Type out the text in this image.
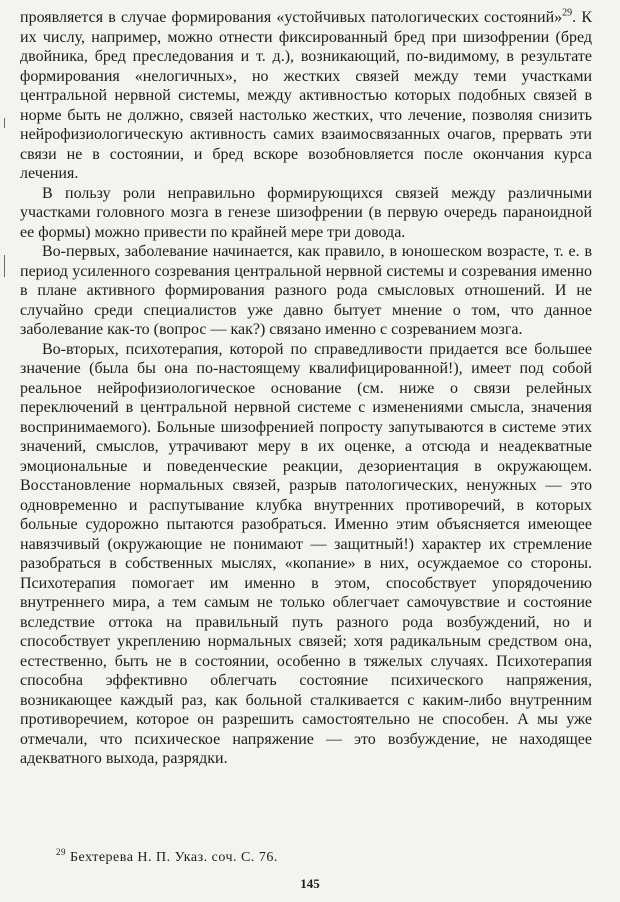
проявляется в случае формирования «устойчивых патологических состояний»$^{29}$. К их числу, например, можно отнести фиксированный бред при шизофрении (бред двойника, бред преследования и т. д.), возникающий, по-видимому, в результате формирования «нелогичных», но жестких связей между теми участками центральной нервной системы, между активностью которых подобных связей в норме быть не должно, связей настолько жестких, что лечение, позволяя снизить нейрофизиологическую активность самих взаимосвязанных очагов, прервать эти связи не в состоянии, и бред вскоре возобновляется после окончания курса лечения.

В пользу роли неправильно формирующихся связей между различными участками головного мозга в генезе шизофрении (в первую очередь параноидной ее формы) можно привести по крайней мере три довода.

Во-первых, заболевание начинается, как правило, в юношеском возрасте, т. е. в период усиленного созревания центральной нервной системы и созревания именно в плане активного формирования разного рода смысловых отношений. И не случайно среди специалистов уже давно бытует мнение о том, что данное заболевание как-то (вопрос — как?) связано именно с созреванием мозга.

Во-вторых, психотерапия, которой по справедливости придается все большее значение (была бы она по-настоящему квалифицированной!), имеет под собой реальное нейрофизиологическое основание (см. ниже о связи релейных переключений в центральной нервной системе с изменениями смысла, значения воспринимаемого). Больные шизофренией попросту запутываются в системе этих значений, смыслов, утрачивают меру в их оценке, а отсюда и неадекватные эмоциональные и поведенческие реакции, дезориентация в окружающем. Восстановление нормальных связей, разрыв патологических, ненужных — это одновременно и распутывание клубка внутренних противоречий, в которых больные судорожно пытаются разобраться. Именно этим объясняется имеющее навязчивый (окружающие не понимают — защитный!) характер их стремление разобраться в собственных мыслях, «копание» в них, осуждаемое со стороны. Психотерапия помогает им именно в этом, способствует упорядочению внутреннего мира, а тем самым не только облегчает самочувствие и состояние вследствие оттока на правильный путь разного рода возбуждений, но и способствует укреплению нормальных связей; хотя радикальным средством она, естественно, быть не в состоянии, особенно в тяжелых случаях. Психотерапия способна эффективно облегчать состояние психического напряжения, возникающее каждый раз, как больной сталкивается с каким-либо внутренним противоречием, которое он разрешить самостоятельно не способен. А мы уже отмечали, что психическое напряжение — это возбуждение, не находящее адекватного выхода, разрядки.

$^{29}$ Бехтерева Н. П. Указ. соч. С. 76.
145
